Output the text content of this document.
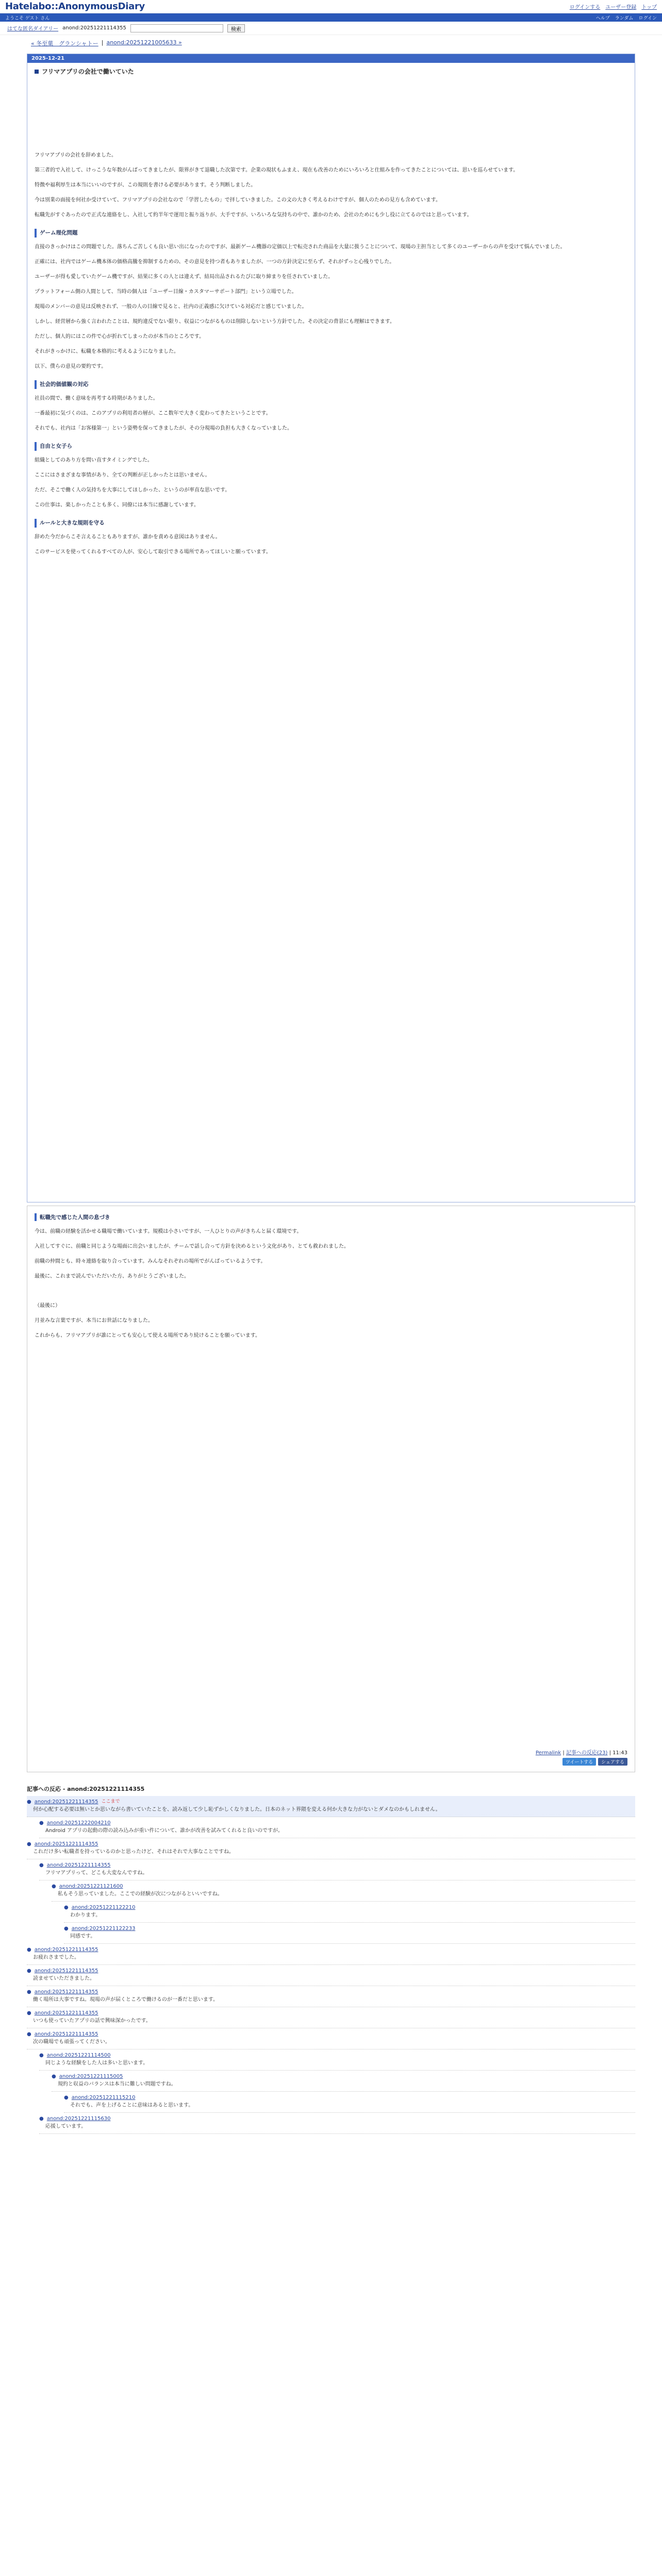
Hatelabo::AnonymousDiary	ログインする ユーザー登録 トップ
ようこそ ゲスト さん	ヘルプ ランダム ログイン
はてな匿名ダイアリー anond:20251221114355	検索
« 冬至菓　グランシャトー | anond:20251221005633 »
2025-12-21
フリマアプリの会社で働いていた

フリマアプリの会社を辞めました。

第三者的で入社して、けっこうな年数がんばってきましたが、限界がきて退職した次第です。企業の現状もふまえ、現在も改善のためにいろいろと仕組みを作ってきたことについては、思いを巡らせています。

特徴や福利厚生は本当にいいのですが、この規則を書ける必要があります。そう判断しました。

今は別業の面接を何社か受けていて、フリマアプリの会社なので「学習したもの」で拝していきました。この文の大きく考えるわけですが、個人のための見方も含めています。

転職先がすぐあったので正式な連絡をし、入社して約半年で運用と振り返りが、大手ですが、いろいろな気持ちの中で、誰かのため、会社のためにも少し役に立てるのではと思っています。

ゲーム理化問題

直接のきっかけはこの問題でした。落ちんご苦しくも良い思い出になったのですが、最新ゲーム機器の定価以上で転売された商品を大量に扱うことについて、現場の主担当として多くのユーザーからの声を受けて悩んでいました。

正確には、社内ではゲーム機本体の価格高騰を抑制するための、その意見を持つ者もありましたが、一つの方針決定に至らず、それがずっと心残りでした。

ユーザーが得も愛していたゲーム機ですが、結果に多くの人とは違えず、結局出品されるたびに取り締まりを任されていました。

プラットフォーム側の人間として、当時の個人は「ユーザー目線・カスタマーサポート部門」という立場でした。

現場のメンバーの意見は反映されず、一般の人の目線で見ると、社内の正義感に欠けている対応だと感じていました。

しかし、経営層から強く言われたことは、規約違反でない限り、収益につながるものは削除しないという方針でした。その決定の背景にも理解はできます。

ただし、個人的にはこの件で心が折れてしまったのが本当のところです。

それがきっかけに、転職を本格的に考えるようになりました。

以下、僕らの意見の要約です。

社会的価値観の対応

社員の間で、働く意味を再考する時期がありました。

一番最初に気づくのは、このアプリの利用者の層が、ここ数年で大きく変わってきたということです。

それでも、社内は「お客様第一」という姿勢を保ってきましたが、その分現場の負担も大きくなっていました。

自由と女子ら

組織としてのあり方を問い直すタイミングでした。

ここにはさまざまな事情があり、全ての判断が正しかったとは思いません。

ただ、そこで働く人の気持ちを大事にしてほしかった、というのが率直な思いです。

この仕事は、楽しかったことも多く、同僚には本当に感謝しています。

ルールと大きな規則を守る

辞めた今だからこそ言えることもありますが、誰かを責める意図はありません。

このサービスを使ってくれるすべての人が、安心して取引できる場所であってほしいと願っています。

転職先で感じた人間の息づき

今は、前職の経験を活かせる職場で働いています。規模は小さいですが、一人ひとりの声がきちんと届く環境です。

入社してすぐに、前職と同じような場面に出会いましたが、チームで話し合って方針を決めるという文化があり、とても救われました。

前職の仲間とも、時々連絡を取り合っています。みんなそれぞれの場所でがんばっているようです。

最後に、これまで読んでいただいた方、ありがとうございました。

（最後に）

月並みな言葉ですが、本当にお世話になりました。

これからも、フリマアプリが誰にとっても安心して使える場所であり続けることを願っています。

Permalink | 記事への反応(23) | 11:43
ツイートする	シェアする
記事への反応 - anond:20251221114355
● anond:20251221114355 ここまで
何か心配する必要は無いとか思いながら書いていたことを、読み返して少し恥ずかしくなりました。日本のネット界隈を変える何か大きな力がないとダメなのかもしれません。
● anond:20251222004210
Android アプリの起動の際の読み込みが重い件について、誰かが改善を試みてくれると良いのですが。
● anond:20251221114355
これだけ多い転職者を持っているのかと思ったけど、それはそれで大事なことですね。
● anond:20251221114355
フリマアプリって、どこも大変なんですね。
● anond:20251221121600
私もそう思っていました。ここでの経験が次につながるといいですね。
● anond:20251221122210
わかります。
● anond:20251221122233
同感です。
● anond:20251221114355
お疲れさまでした。
● anond:20251221114355
読ませていただきました。
● anond:20251221114355
働く場所は大事ですね。現場の声が届くところで働けるのが一番だと思います。
● anond:20251221114355
いつも使っていたアプリの話で興味深かったです。
● anond:20251221114355
次の職場でも頑張ってください。
● anond:20251221114500
同じような経験をした人は多いと思います。
● anond:20251221115005
規約と収益のバランスは本当に難しい問題ですね。
● anond:20251221115210
それでも、声を上げることに意味はあると思います。
● anond:20251221115630
応援しています。
